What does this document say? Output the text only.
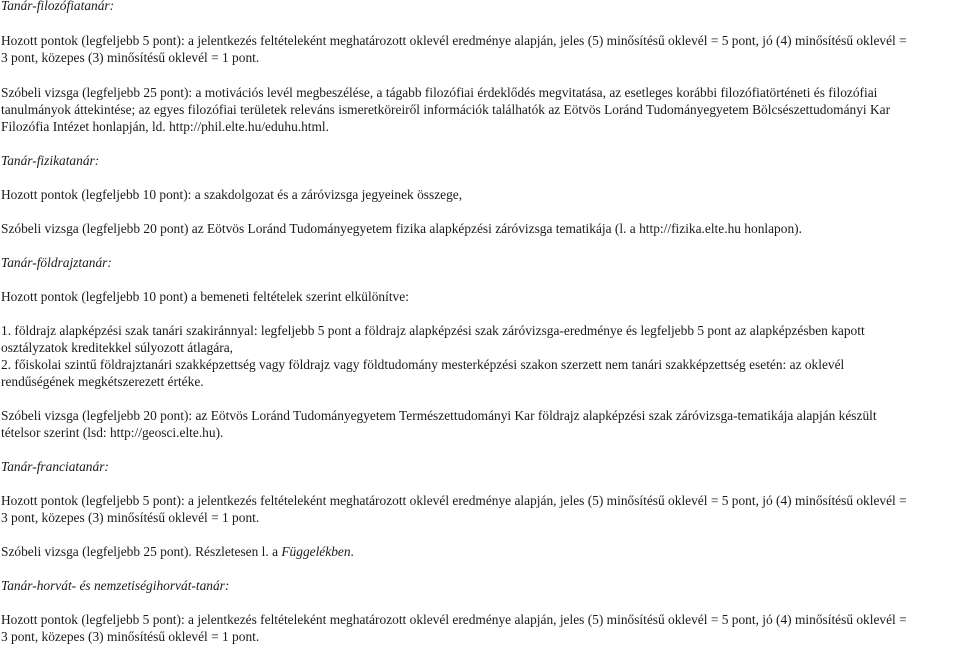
Tanár-filozófiatanár:
Hozott pontok (legfeljebb 5 pont): a jelentkezés feltételeként meghatározott oklevél eredménye alapján, jeles (5) minősítésű oklevél = 5 pont, jó (4) minősítésű oklevél =
3 pont, közepes (3) minősítésű oklevél = 1 pont.
Szóbeli vizsga (legfeljebb 25 pont): a motivációs levél megbeszélése, a tágabb filozófiai érdeklődés megvitatása, az esetleges korábbi filozófiatörténeti és filozófiai
tanulmányok áttekintése; az egyes filozófiai területek releváns ismeretköreiről információk találhatók az Eötvös Loránd Tudományegyetem Bölcsészettudományi Kar
Filozófia Intézet honlapján, ld. http://phil.elte.hu/eduhu.html.
Tanár-fizikatanár:
Hozott pontok (legfeljebb 10 pont): a szakdolgozat és a záróvizsga jegyeinek összege,
Szóbeli vizsga (legfeljebb 20 pont) az Eötvös Loránd Tudományegyetem fizika alapképzési záróvizsga tematikája (l. a http://fizika.elte.hu honlapon).
Tanár-földrajztanár:
Hozott pontok (legfeljebb 10 pont) a bemeneti feltételek szerint elkülönítve:
1. földrajz alapképzési szak tanári szakiránnyal: legfeljebb 5 pont a földrajz alapképzési szak záróvizsga-eredménye és legfeljebb 5 pont az alapképzésben kapott
osztályzatok kreditekkel súlyozott átlagára,
2. főiskolai szintű földrajztanári szakképzettség vagy földrajz vagy földtudomány mesterképzési szakon szerzett nem tanári szakképzettség esetén: az oklevél
rendűségének megkétszerezett értéke.
Szóbeli vizsga (legfeljebb 20 pont): az Eötvös Loránd Tudományegyetem Természettudományi Kar földrajz alapképzési szak záróvizsga-tematikája alapján készült
tételsor szerint (lsd: http://geosci.elte.hu).
Tanár-franciatanár:
Hozott pontok (legfeljebb 5 pont): a jelentkezés feltételeként meghatározott oklevél eredménye alapján, jeles (5) minősítésű oklevél = 5 pont, jó (4) minősítésű oklevél =
3 pont, közepes (3) minősítésű oklevél = 1 pont.
Szóbeli vizsga (legfeljebb 25 pont). Részletesen l. a Függelékben.
Tanár-horvát- és nemzetiségihorvát-tanár:
Hozott pontok (legfeljebb 5 pont): a jelentkezés feltételeként meghatározott oklevél eredménye alapján, jeles (5) minősítésű oklevél = 5 pont, jó (4) minősítésű oklevél =
3 pont, közepes (3) minősítésű oklevél = 1 pont.
